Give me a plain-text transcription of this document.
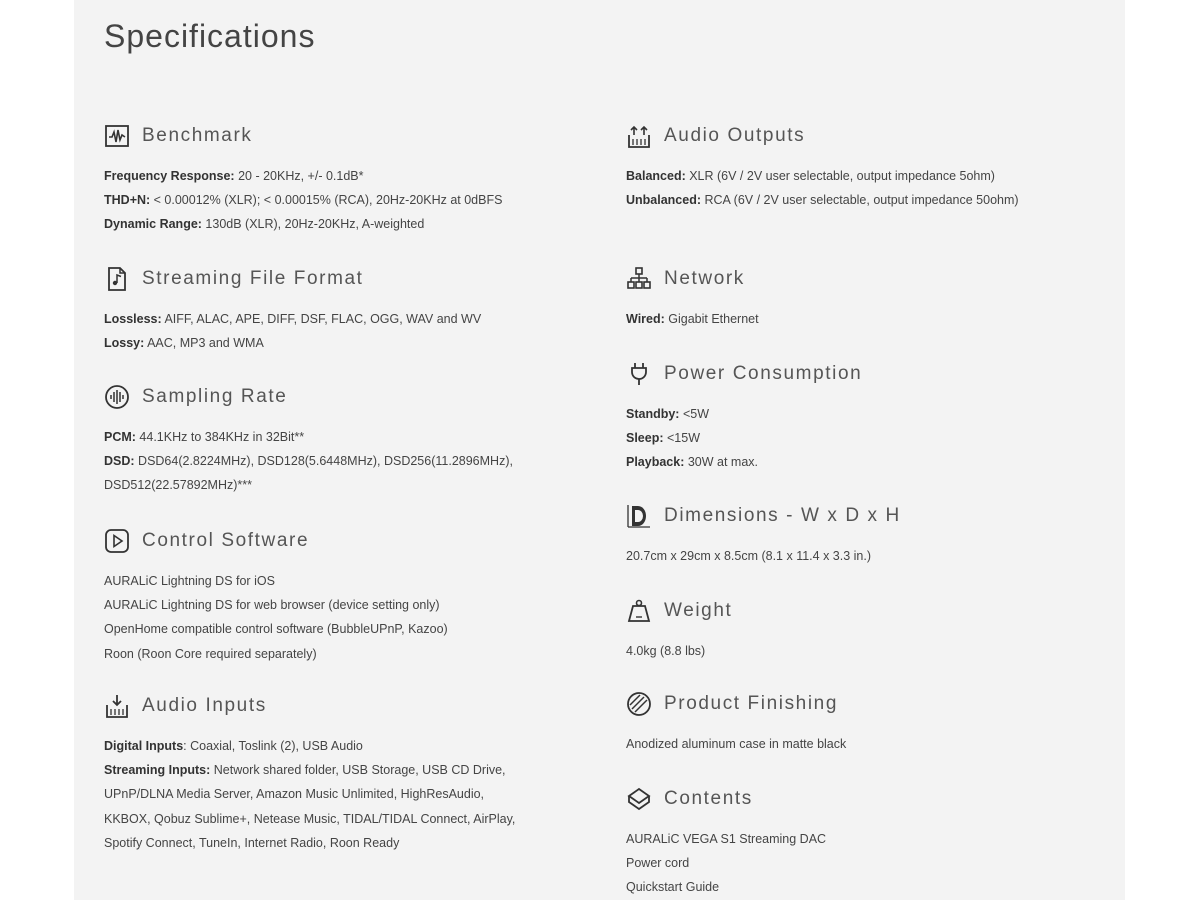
Specifications
Benchmark
Frequency Response: 20 - 20KHz, +/- 0.1dB*
THD+N: < 0.00012% (XLR); < 0.00015% (RCA), 20Hz-20KHz at 0dBFS
Dynamic Range: 130dB (XLR), 20Hz-20KHz, A-weighted
Streaming File Format
Lossless: AIFF, ALAC, APE, DIFF, DSF, FLAC, OGG, WAV and WV
Lossy: AAC, MP3 and WMA
Sampling Rate
PCM: 44.1KHz to 384KHz in 32Bit**
DSD: DSD64(2.8224MHz), DSD128(5.6448MHz), DSD256(11.2896MHz),
DSD512(22.57892MHz)***
Control Software
AURALiC Lightning DS for iOS
AURALiC Lightning DS for web browser (device setting only)
OpenHome compatible control software (BubbleUPnP, Kazoo)
Roon (Roon Core required separately)
Audio Inputs
Digital Inputs: Coaxial, Toslink (2), USB Audio
Streaming Inputs: Network shared folder, USB Storage, USB CD Drive,
UPnP/DLNA Media Server, Amazon Music Unlimited, HighResAudio,
KKBOX, Qobuz Sublime+, Netease Music, TIDAL/TIDAL Connect, AirPlay,
Spotify Connect, TuneIn, Internet Radio, Roon Ready
Audio Outputs
Balanced: XLR (6V / 2V user selectable, output impedance 5ohm)
Unbalanced: RCA (6V / 2V user selectable, output impedance 50ohm)
Network
Wired: Gigabit Ethernet
Power Consumption
Standby: <5W
Sleep: <15W
Playback: 30W at max.
Dimensions - W x D x H
20.7cm x 29cm x 8.5cm (8.1 x 11.4 x 3.3 in.)
Weight
4.0kg (8.8 lbs)
Product Finishing
Anodized aluminum case in matte black
Contents
AURALiC VEGA S1 Streaming DAC
Power cord
Quickstart Guide
